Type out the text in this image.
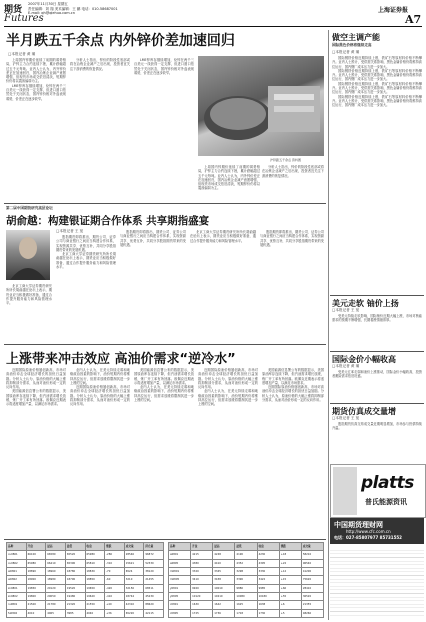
期货
2007年11月30日 星期五
责任编辑：刘 翔 美术编辑：王 鹏 电话：010-58687001
E-mail: qh@qiehuo.com.cn	上海证券报
Futures	A7
半月跌五千余点 内外锌价差加速回归
□本报记者 黄 璜

上周国内锌期价延续了前期的弱势格局，沪锌主力合约连续下挫，累计跌幅超过五千元每吨。业内人士认为，内外锌价差正在加速回归，国内冶炼企业减产意愿增强，但现货市场成交依旧清淡，短期锌价仍将以震荡偏弱为主。

LME锌库存继续增加，伦锌在两千三百美元一线获得一定支撑，但进口窗口依然处于关闭状态，国内锌价相对外盘表现弱势，价差正在逐步收窄。

分析人士指出，锌价的阶段性底部或将在冶炼企业减产之后出现，投资者宜关注下游消费的恢复情况。

LME锌库存继续增加，伦锌在两千三百美元一线获得一定支撑，但进口窗口依然处于关闭状态，国内锌价相对外盘表现弱势，价差正在逐步收窄。

沪锌跌五千余点 资料图

上周国内锌期价延续了前期的弱势格局，沪锌主力合约连续下挫，累计跌幅超过五千元每吨。业内人士认为，内外锌价差正在加速回归，国内冶炼企业减产意愿增强，但现货市场成交依旧清淡，短期锌价仍将以震荡偏弱为主。

分析人士指出，锌价的阶段性底部或将在冶炼企业减产之后出现，投资者宜关注下游消费的恢复情况。

第二届中国期货研究高层论坛
胡俞越：构建银证期合作体系 共享期指盛宴
□本报记者 王 宽

股指期货即将推出，期货公司、证券公司与商业银行之间应当构建合作体系，实现资源共享、优势互补，共同分享股指期货带来的发展机遇。

北京工商大学证券期货研究所所长胡俞越在论坛上表示，期货业应当积极做好准备，通过合作提升服务能力和风险管理水平。

北京工商大学证券期货研究所所长胡俞越在论坛上表示，期货业应当积极做好准备，通过合作提升服务能力和风险管理水平。

股指期货即将推出，期货公司、证券公司与商业银行之间应当构建合作体系，实现资源共享、优势互补，共同分享股指期货带来的发展机遇。

北京工商大学证券期货研究所所长胡俞越在论坛上表示，期货业应当积极做好准备，通过合作提升服务能力和风险管理水平。

股指期货即将推出，期货公司、证券公司与商业银行之间应当构建合作体系，实现资源共享、优势互补，共同分享股指期货带来的发展机遇。

上涨带来冲击效应 高油价需求“逆冷水”

近期国际原油价格屡创新高，市场对高油价冲击全球经济增长的担忧日益加剧。分析人士认为，原油价格的大幅上涨将抑制部分需求，从而对油价形成一定的反向作用。

美国能源信息署公布的数据显示，美国原油库存连续下降，但汽油需求增长放缓，炼厂开工率有所回落。欧佩克近期表示将适度增加产量，以满足市场需求。

业内人士认为，在美元持续走弱和地缘政治因素的影响下，油价短期内仍将维持高位运行，但需求放缓将限制其进一步上涨的空间。

近期国际原油价格屡创新高，市场对高油价冲击全球经济增长的担忧日益加剧。分析人士认为，原油价格的大幅上涨将抑制部分需求，从而对油价形成一定的反向作用。

美国能源信息署公布的数据显示，美国原油库存连续下降，但汽油需求增长放缓，炼厂开工率有所回落。欧佩克近期表示将适度增加产量，以满足市场需求。

业内人士认为，在美元持续走弱和地缘政治因素的影响下，油价短期内仍将维持高位运行，但需求放缓将限制其进一步上涨的空间。

近期国际原油价格屡创新高，市场对高油价冲击全球经济增长的担忧日益加剧。分析人士认为，原油价格的大幅上涨将抑制部分需求，从而对油价形成一定的反向作用。

业内人士认为，在美元持续走弱和地缘政治因素的影响下，油价短期内仍将维持高位运行，但需求放缓将限制其进一步上涨的空间。

美国能源信息署公布的数据显示，美国原油库存连续下降，但汽油需求增长放缓，炼厂开工率有所回落。欧佩克近期表示将适度增加产量，以满足市场需求。

近期国际原油价格屡创新高，市场对高油价冲击全球经济增长的担忧日益加剧。分析人士认为，原油价格的大幅上涨将抑制部分需求，从而对油价形成一定的反向作用。

品种	开盘	最高	最低	收盘	涨跌	成交量	持仓量
cu0801	66100	66580	65520	65980	-280	28546	96872
cu0802	65980	66410	65390	65810	-310	15621	52330
al0801	18890	18960	18780	18830	-70	6524	38120
al0802	18900	18980	18790	18850	-60	3210	21455
zn0801	19850	20120	19520	19650	-420	32156	68511
zn0802	19800	20050	19480	19620	-410	18744	45230
ru0801	21500	21780	21320	21550	+40	42310	88620
fu0802	4010	4065	3985	4040	+36	65220	42115
品种	开盘	最高	最低	收盘	涨跌	成交量
a0801	4215	4248	4190	4230	+18	58210
a0805	4380	4410	4352	4395	+22	96540
m0801	3320	3345	3298	3330	+12	41200
m0805	3410	3438	3390	3422	+15	75620
y0801	9920	10010	9880	9985	+60	28410
y0805	10120	10210	10080	10180	+55	36520
c0801	1630	1642	1625	1638	+6	21355
c0805	1725	1736	1718	1730	+5	48260
做空主调产能
国际黑色价格将继续走高
□本报记者 黄 璜

国际钢铁价格近期持续上涨，铁矿石等原材料价格不断攀升。业内人士预计，受供需关系影响，黑色金属价格仍将维持高位运行，国内钢厂成本压力进一步加大。

国际钢铁价格近期持续上涨，铁矿石等原材料价格不断攀升。业内人士预计，受供需关系影响，黑色金属价格仍将维持高位运行，国内钢厂成本压力进一步加大。

国际钢铁价格近期持续上涨，铁矿石等原材料价格不断攀升。业内人士预计，受供需关系影响，黑色金属价格仍将维持高位运行，国内钢厂成本压力进一步加大。

国际钢铁价格近期持续上涨，铁矿石等原材料价格不断攀升。业内人士预计，受供需关系影响，黑色金属价格仍将维持高位运行，国内钢厂成本压力进一步加大。

美元走软 铀价上扬
□本报记者 王 宽

受美元持续走软影响，国际铀价近期大幅上涨，市场对核能需求的预期不断增强，长期看涨情绪浓厚。

国际金价小幅收高
□本报记者 黄 璜

受美元汇率走弱和油价上涨推动，国际金价小幅收高，投资者避险需求依旧旺盛。

期货仿真成交量增
□本报记者 王 宽

股指期货仿真交易成交量近期明显增加，市场参与热情持续升温。

platts
普氏能源资讯
中国期货理财网
http://www.cfc.com.cn
电话：027-85807977 85731552
